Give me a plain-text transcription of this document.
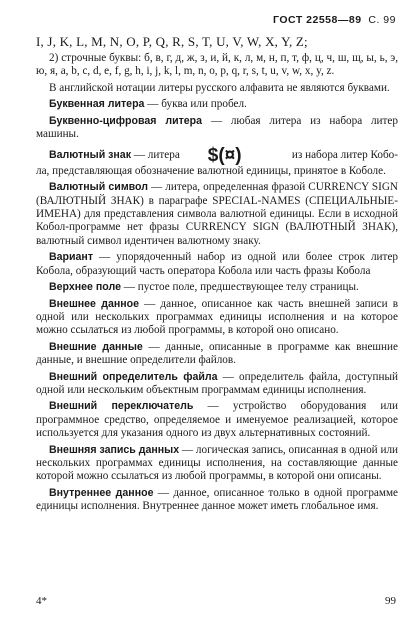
ГОСТ 22558—89 С. 99

I, J, K, L, M, N, O, P, Q, R, S, T, U, V, W, X, Y, Z;

2) строчные буквы: б, в, г, д, ж, з, и, й, к, л, м, н, п, т, ф, ц, ч, ш, щ, ы, ь, э, ю, я, a, b, c, d, e, f, g, h, i, j, k, l, m, n, o, p, q, r, s, t, u, v, w, x, y, z.

В английской нотации литеры русского алфавита не являются буквами.

Буквенная литера — буква или пробел.

Буквенно-цифровая литера — любая литера из набора литер машины.

Валютный знак — литера $(¤)	из набора литер Кобо-

ла, представляющая обозначение валютной единицы, принятое в Коболе.

Валютный символ — литера, определенная фразой CURRENCY SIGN (ВАЛЮТНЫЙ ЗНАК) в параграфе SPECIAL-NAMES (СПЕЦИАЛЬНЫЕ-ИМЕНА) для представления символа валютной единицы. Если в исходной Кобол-программе нет фразы CURRENCY SIGN (ВАЛЮТНЫЙ ЗНАК), валютный символ идентичен валютному знаку.

Вариант — упорядоченный набор из одной или более строк литер Кобола, образующий часть оператора Кобола или часть фразы Кобола

Верхнее поле — пустое поле, предшествующее телу страницы.

Внешнее данное — данное, описанное как часть внешней записи в одной или нескольких программах единицы исполнения и на которое можно ссылаться из любой программы, в которой оно описано.

Внешние данные — данные, описанные в программе как внешние данные, и внешние определители файлов.

Внешний определитель файла — определитель файла, доступный одной или нескольким объектным программам единицы исполнения.

Внешний переключатель — устройство оборудования или программное средство, определяемое и именуемое реализацией, которое используется для указания одного из двух альтернативных состояний.

Внешняя запись данных — логическая запись, описанная в одной или нескольких программах единицы исполнения, на составляющие данные которой можно ссылаться из любой программы, в которой они описаны.

Внутреннее данное — данное, описанное только в одной программе единицы исполнения. Внутреннее данное может иметь глобальное имя.

4*	99
